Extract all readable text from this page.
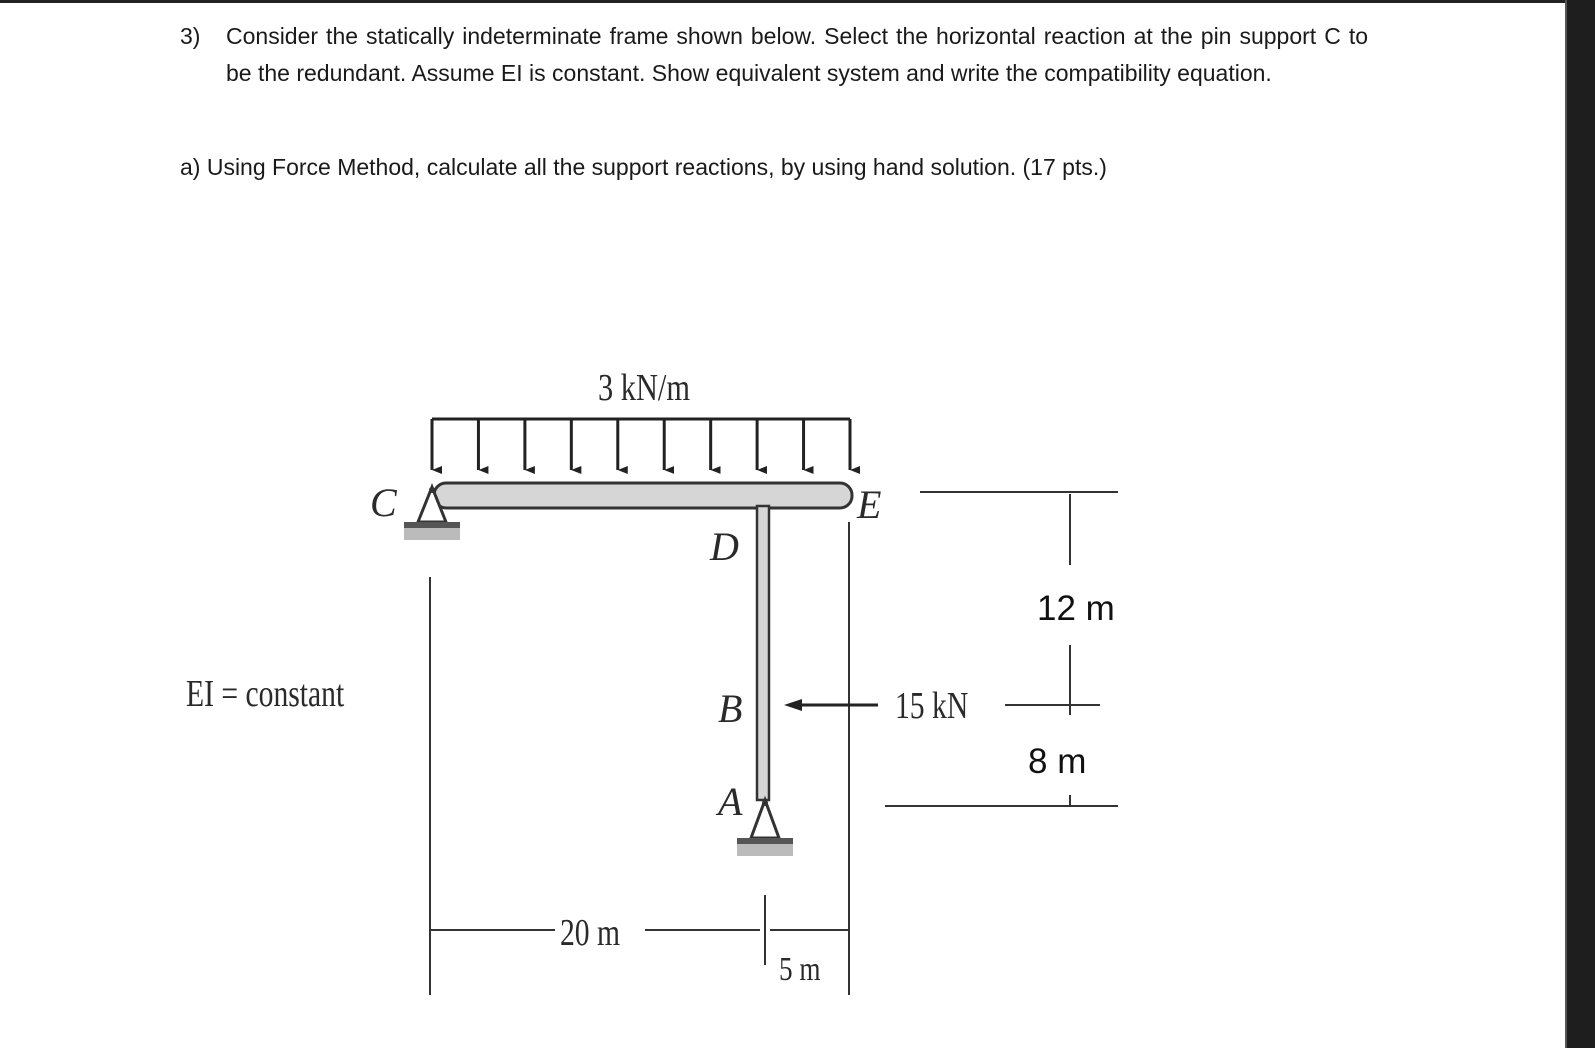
3) Consider the statically indeterminate frame shown below. Select the horizontal reaction at the pin support C to be the redundant. Assume EI is constant. Show equivalent system and write the compatibility equation.
a) Using Force Method, calculate all the support reactions, by using hand solution. (17 pts.)
3 kN/m
C	E
D
B
A
EI = constant	15 kN
20 m
5 m
12 m
8 m
